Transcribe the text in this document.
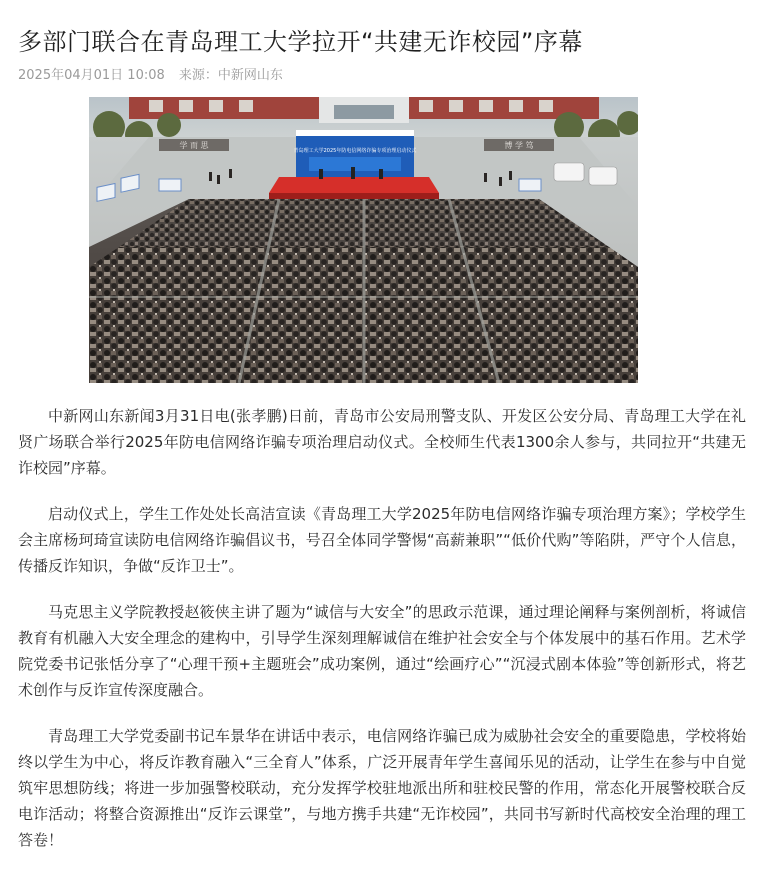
多部门联合在青岛理工大学拉开“共建无诈校园”序幕
2025年04月01日 10:08 来源：中新网山东
学 而 思	博 学 笃
青岛理工大学2025年防电信网络诈骗专项治理启动仪式

中新网山东新闻3月31日电(张孝鹏)日前，青岛市公安局刑警支队、开发区公安分局、青岛理工大学在礼贤广场联合举行2025年防电信网络诈骗专项治理启动仪式。全校师生代表1300余人参与，共同拉开“共建无诈校园”序幕。

启动仪式上，学生工作处处长高洁宣读《青岛理工大学2025年防电信网络诈骗专项治理方案》；学校学生会主席杨珂琦宣读防电信网络诈骗倡议书，号召全体同学警惕“高薪兼职”“低价代购”等陷阱，严守个人信息，传播反诈知识，争做“反诈卫士”。

马克思主义学院教授赵筱侠主讲了题为“诚信与大安全”的思政示范课，通过理论阐释与案例剖析，将诚信教育有机融入大安全理念的建构中，引导学生深刻理解诚信在维护社会安全与个体发展中的基石作用。艺术学院党委书记张恬分享了“心理干预+主题班会”成功案例，通过“绘画疗心”“沉浸式剧本体验”等创新形式，将艺术创作与反诈宣传深度融合。

青岛理工大学党委副书记车景华在讲话中表示，电信网络诈骗已成为威胁社会安全的重要隐患，学校将始终以学生为中心，将反诈教育融入“三全育人”体系，广泛开展青年学生喜闻乐见的活动，让学生在参与中自觉筑牢思想防线；将进一步加强警校联动，充分发挥学校驻地派出所和驻校民警的作用，常态化开展警校联合反电诈活动；将整合资源推出“反诈云课堂”，与地方携手共建“无诈校园”，共同书写新时代高校安全治理的理工答卷！
